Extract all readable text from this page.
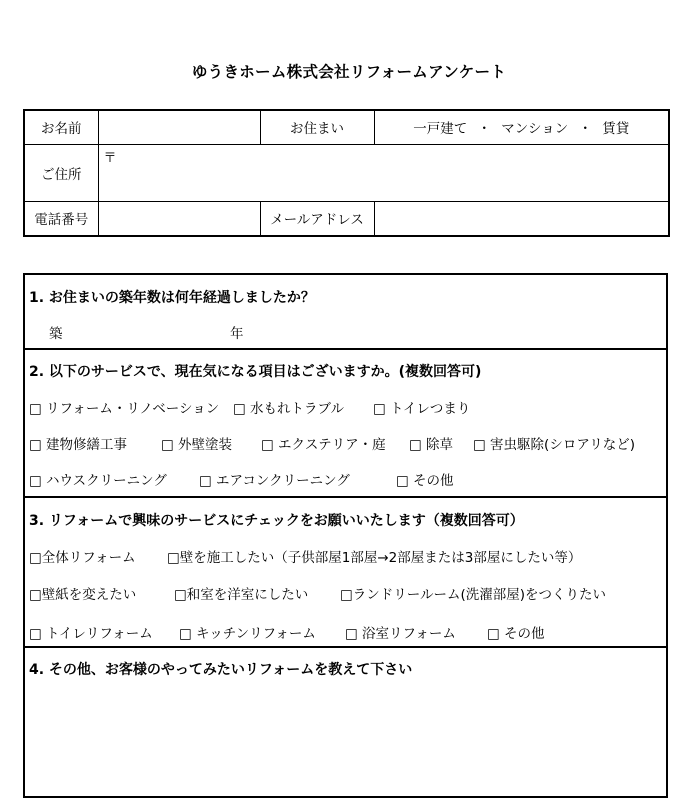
ゆうきホーム株式会社リフォームアンケート
お名前		お住まい	一戸建て ・ マンション ・ 賃貸
ご住所	〒		
電話番号		メールアドレス	
1. お住まいの築年数は何年経過しましたか？
築	年
2. 以下のサービスで、現在気になる項目はございますか。(複数回答可)
□ リフォーム・リノベーション □ 水もれトラブル □ トイレつまり
□ 建物修繕工事	□ 外壁塗装 □ エクステリア・庭 □ 除草 □ 害虫駆除(シロアリなど)
□ ハウスクリーニング □ エアコンクリーニング	□ その他
3. リフォームで興味のサービスにチェックをお願いいたします（複数回答可）
□全体リフォーム □壁を施工したい（子供部屋1部屋→2部屋または3部屋にしたい等）
□壁紙を変えたい	□和室を洋室にしたい □ランドリールーム(洗濯部屋)をつくりたい
□ トイレリフォーム □ キッチンリフォーム □ 浴室リフォーム □ その他
4. その他、お客様のやってみたいリフォームを教えて下さい
